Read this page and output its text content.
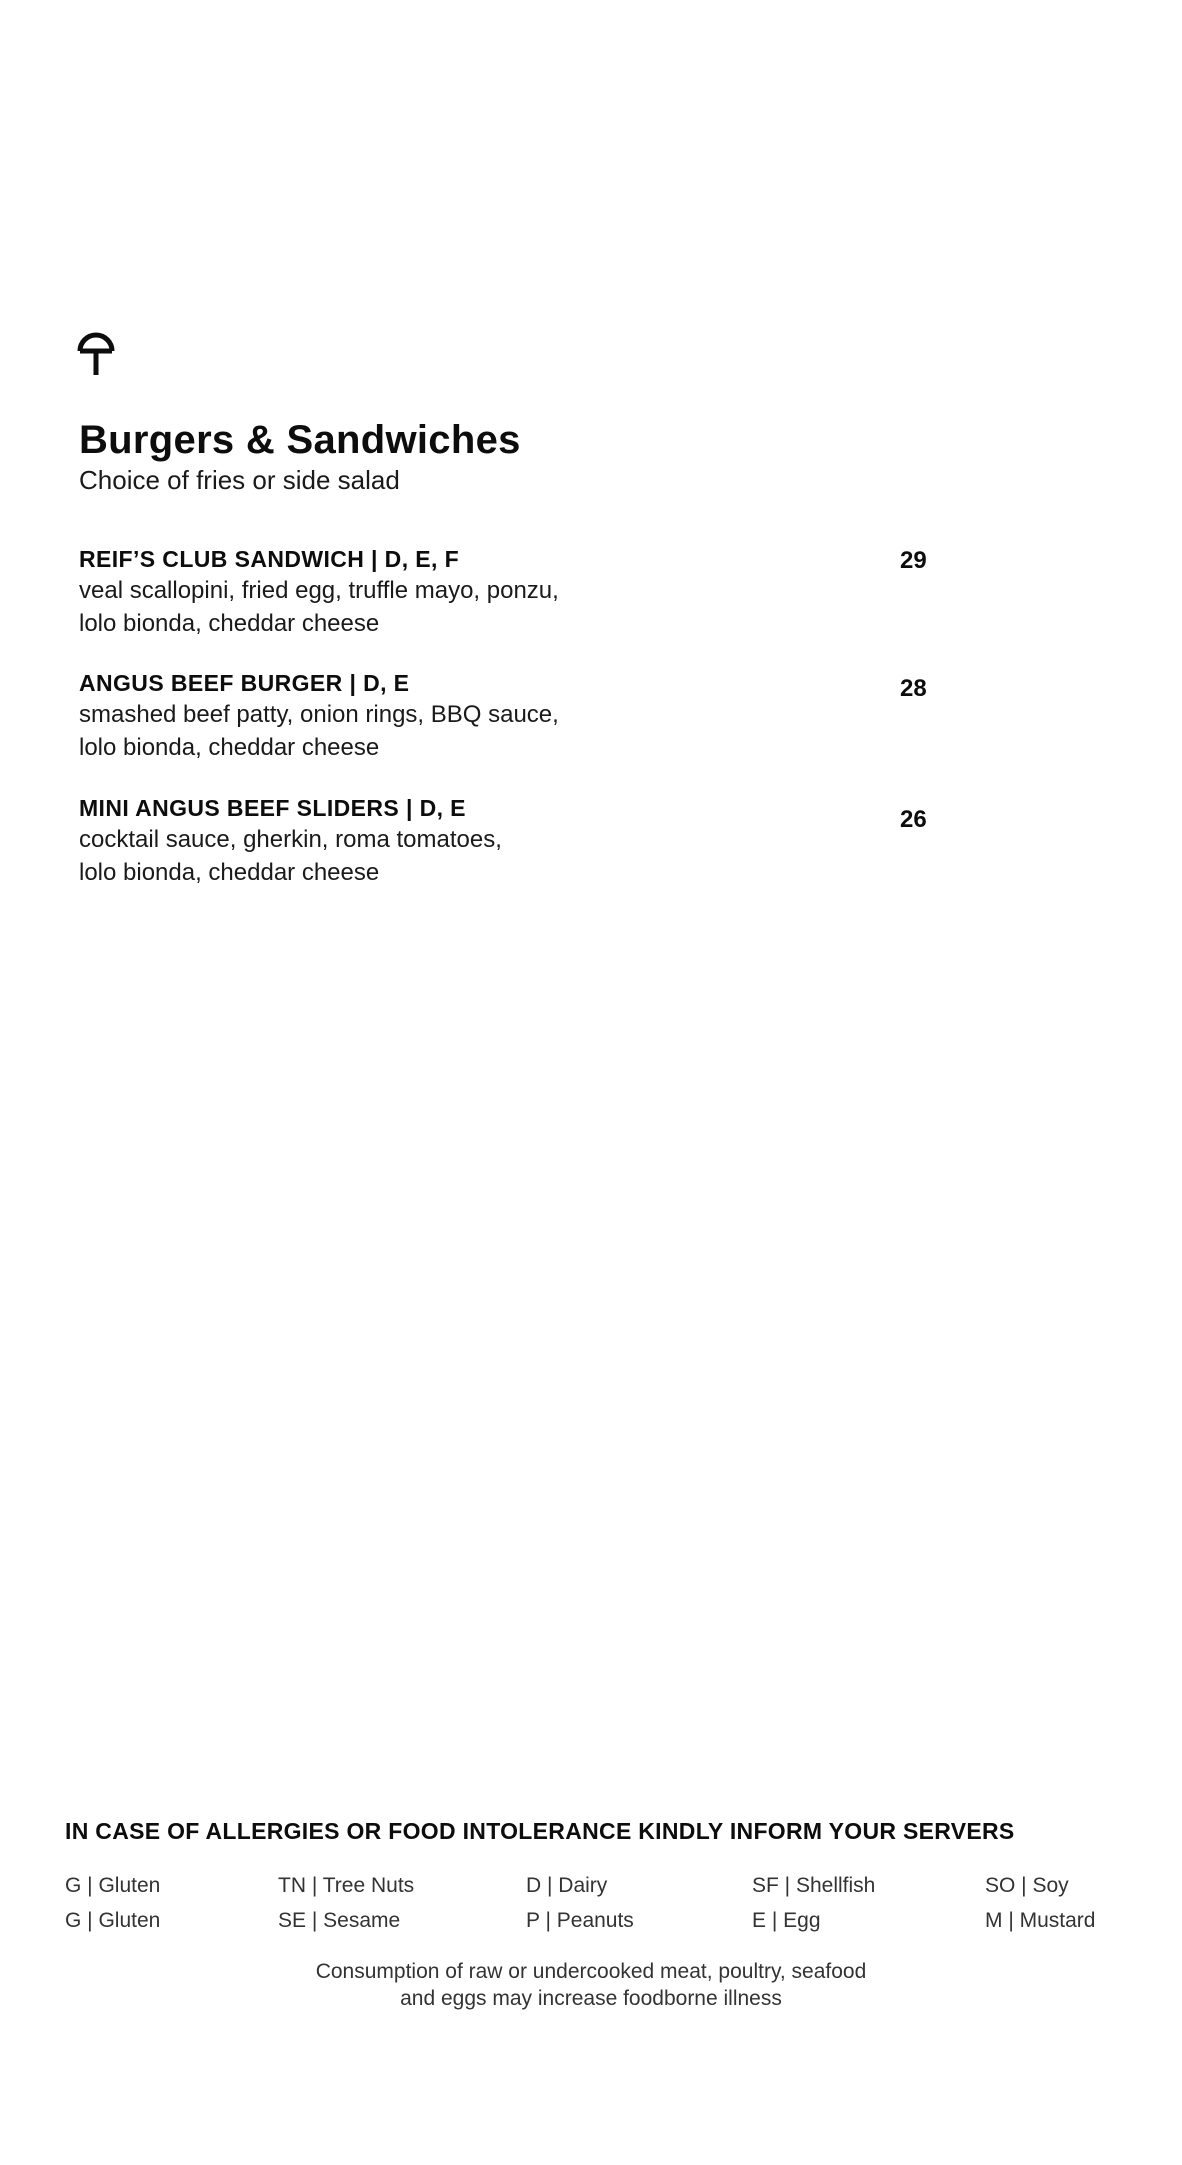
Burgers & Sandwiches
Choice of fries or side salad
REIF’S CLUB SANDWICH | D, E, F
veal scallopini, fried egg, truffle mayo, ponzu,
lolo bionda, cheddar cheese
29
ANGUS BEEF BURGER | D, E
smashed beef patty, onion rings, BBQ sauce,
lolo bionda, cheddar cheese
28
MINI ANGUS BEEF SLIDERS | D, E
cocktail sauce, gherkin, roma tomatoes,
lolo bionda, cheddar cheese
26
IN CASE OF ALLERGIES OR FOOD INTOLERANCE KINDLY INFORM YOUR SERVERS
G | Gluten	TN | Tree Nuts	D | Dairy	SF | Shellfish	SO | Soy
G | Gluten	SE | Sesame	P | Peanuts	E | Egg	M | Mustard
Consumption of raw or undercooked meat, poultry, seafood
and eggs may increase foodborne illness
